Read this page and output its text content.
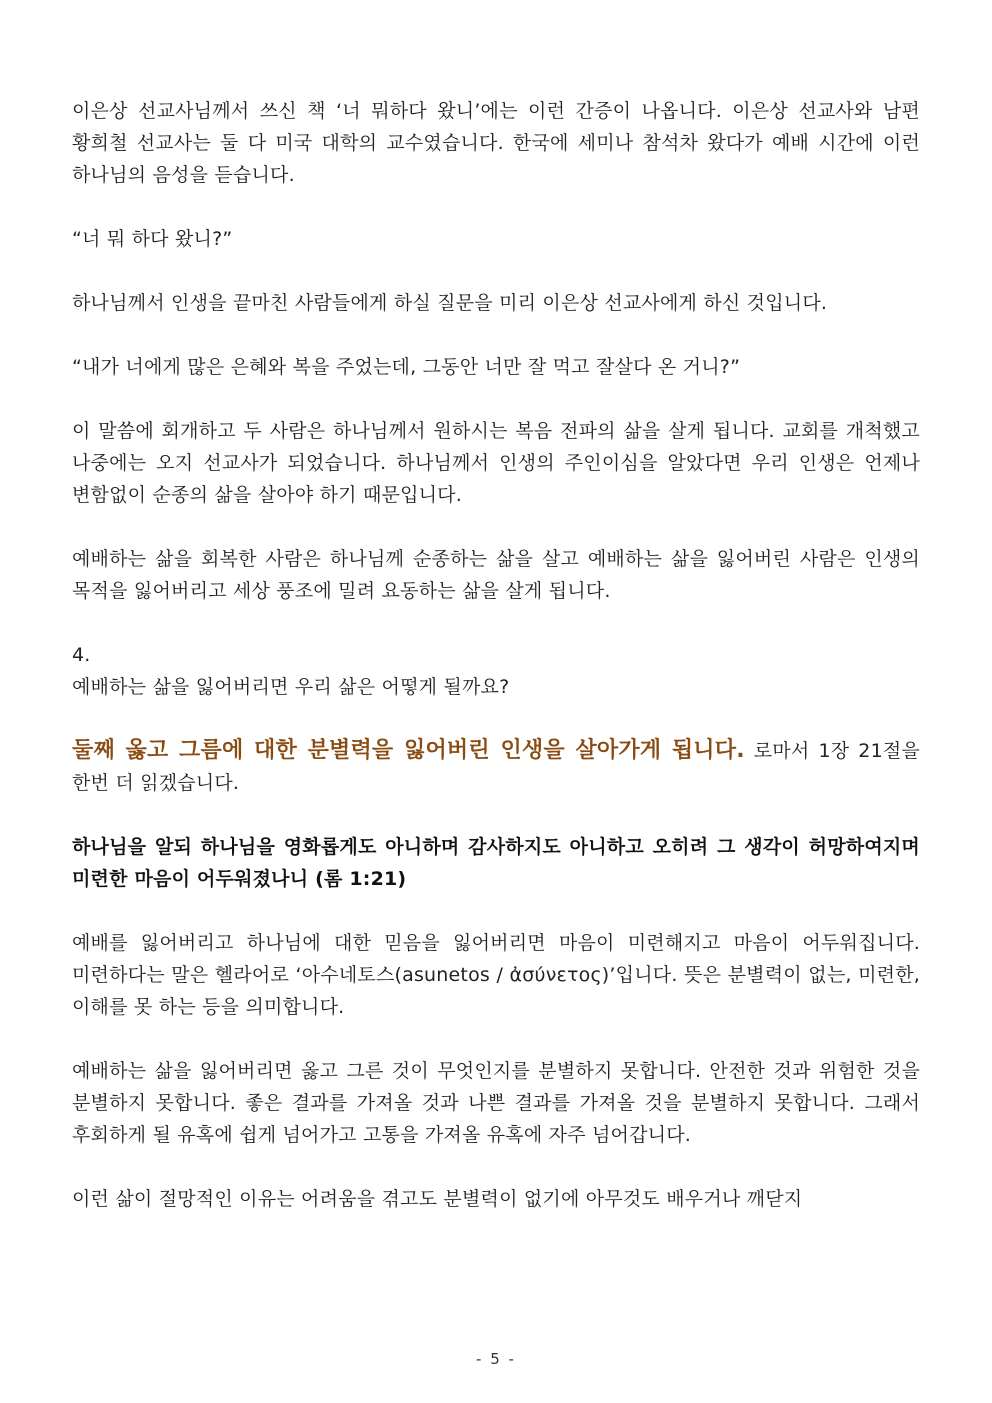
이은상 선교사님께서 쓰신 책 ‘너 뭐하다 왔니’에는 이런 간증이 나옵니다. 이은상 선교사와 남편 황희철 선교사는 둘 다 미국 대학의 교수였습니다. 한국에 세미나 참석차 왔다가 예배 시간에 이런 하나님의 음성을 듣습니다.

“너 뭐 하다 왔니?”

하나님께서 인생을 끝마친 사람들에게 하실 질문을 미리 이은상 선교사에게 하신 것입니다.

“내가 너에게 많은 은혜와 복을 주었는데, 그동안 너만 잘 먹고 잘살다 온 거니?”

이 말씀에 회개하고 두 사람은 하나님께서 원하시는 복음 전파의 삶을 살게 됩니다. 교회를 개척했고 나중에는 오지 선교사가 되었습니다. 하나님께서 인생의 주인이심을 알았다면 우리 인생은 언제나 변함없이 순종의 삶을 살아야 하기 때문입니다.

예배하는 삶을 회복한 사람은 하나님께 순종하는 삶을 살고 예배하는 삶을 잃어버린 사람은 인생의 목적을 잃어버리고 세상 풍조에 밀려 요동하는 삶을 살게 됩니다.

4.

예배하는 삶을 잃어버리면 우리 삶은 어떻게 될까요?

둘째 옳고 그름에 대한 분별력을 잃어버린 인생을 살아가게 됩니다. 로마서 1장 21절을 한번 더 읽겠습니다.

하나님을 알되 하나님을 영화롭게도 아니하며 감사하지도 아니하고 오히려 그 생각이 허망하여지며 미련한 마음이 어두워졌나니 (롬 1:21)

예배를 잃어버리고 하나님에 대한 믿음을 잃어버리면 마음이 미련해지고 마음이 어두워집니다. 미련하다는 말은 헬라어로 ‘아수네토스(asunetos / ἀσύνετος)’입니다. 뜻은 분별력이 없는, 미련한, 이해를 못 하는 등을 의미합니다.

예배하는 삶을 잃어버리면 옳고 그른 것이 무엇인지를 분별하지 못합니다. 안전한 것과 위험한 것을 분별하지 못합니다. 좋은 결과를 가져올 것과 나쁜 결과를 가져올 것을 분별하지 못합니다. 그래서 후회하게 될 유혹에 쉽게 넘어가고 고통을 가져올 유혹에 자주 넘어갑니다.

이런 삶이 절망적인 이유는 어려움을 겪고도 분별력이 없기에 아무것도 배우거나 깨닫지

- 5 -
